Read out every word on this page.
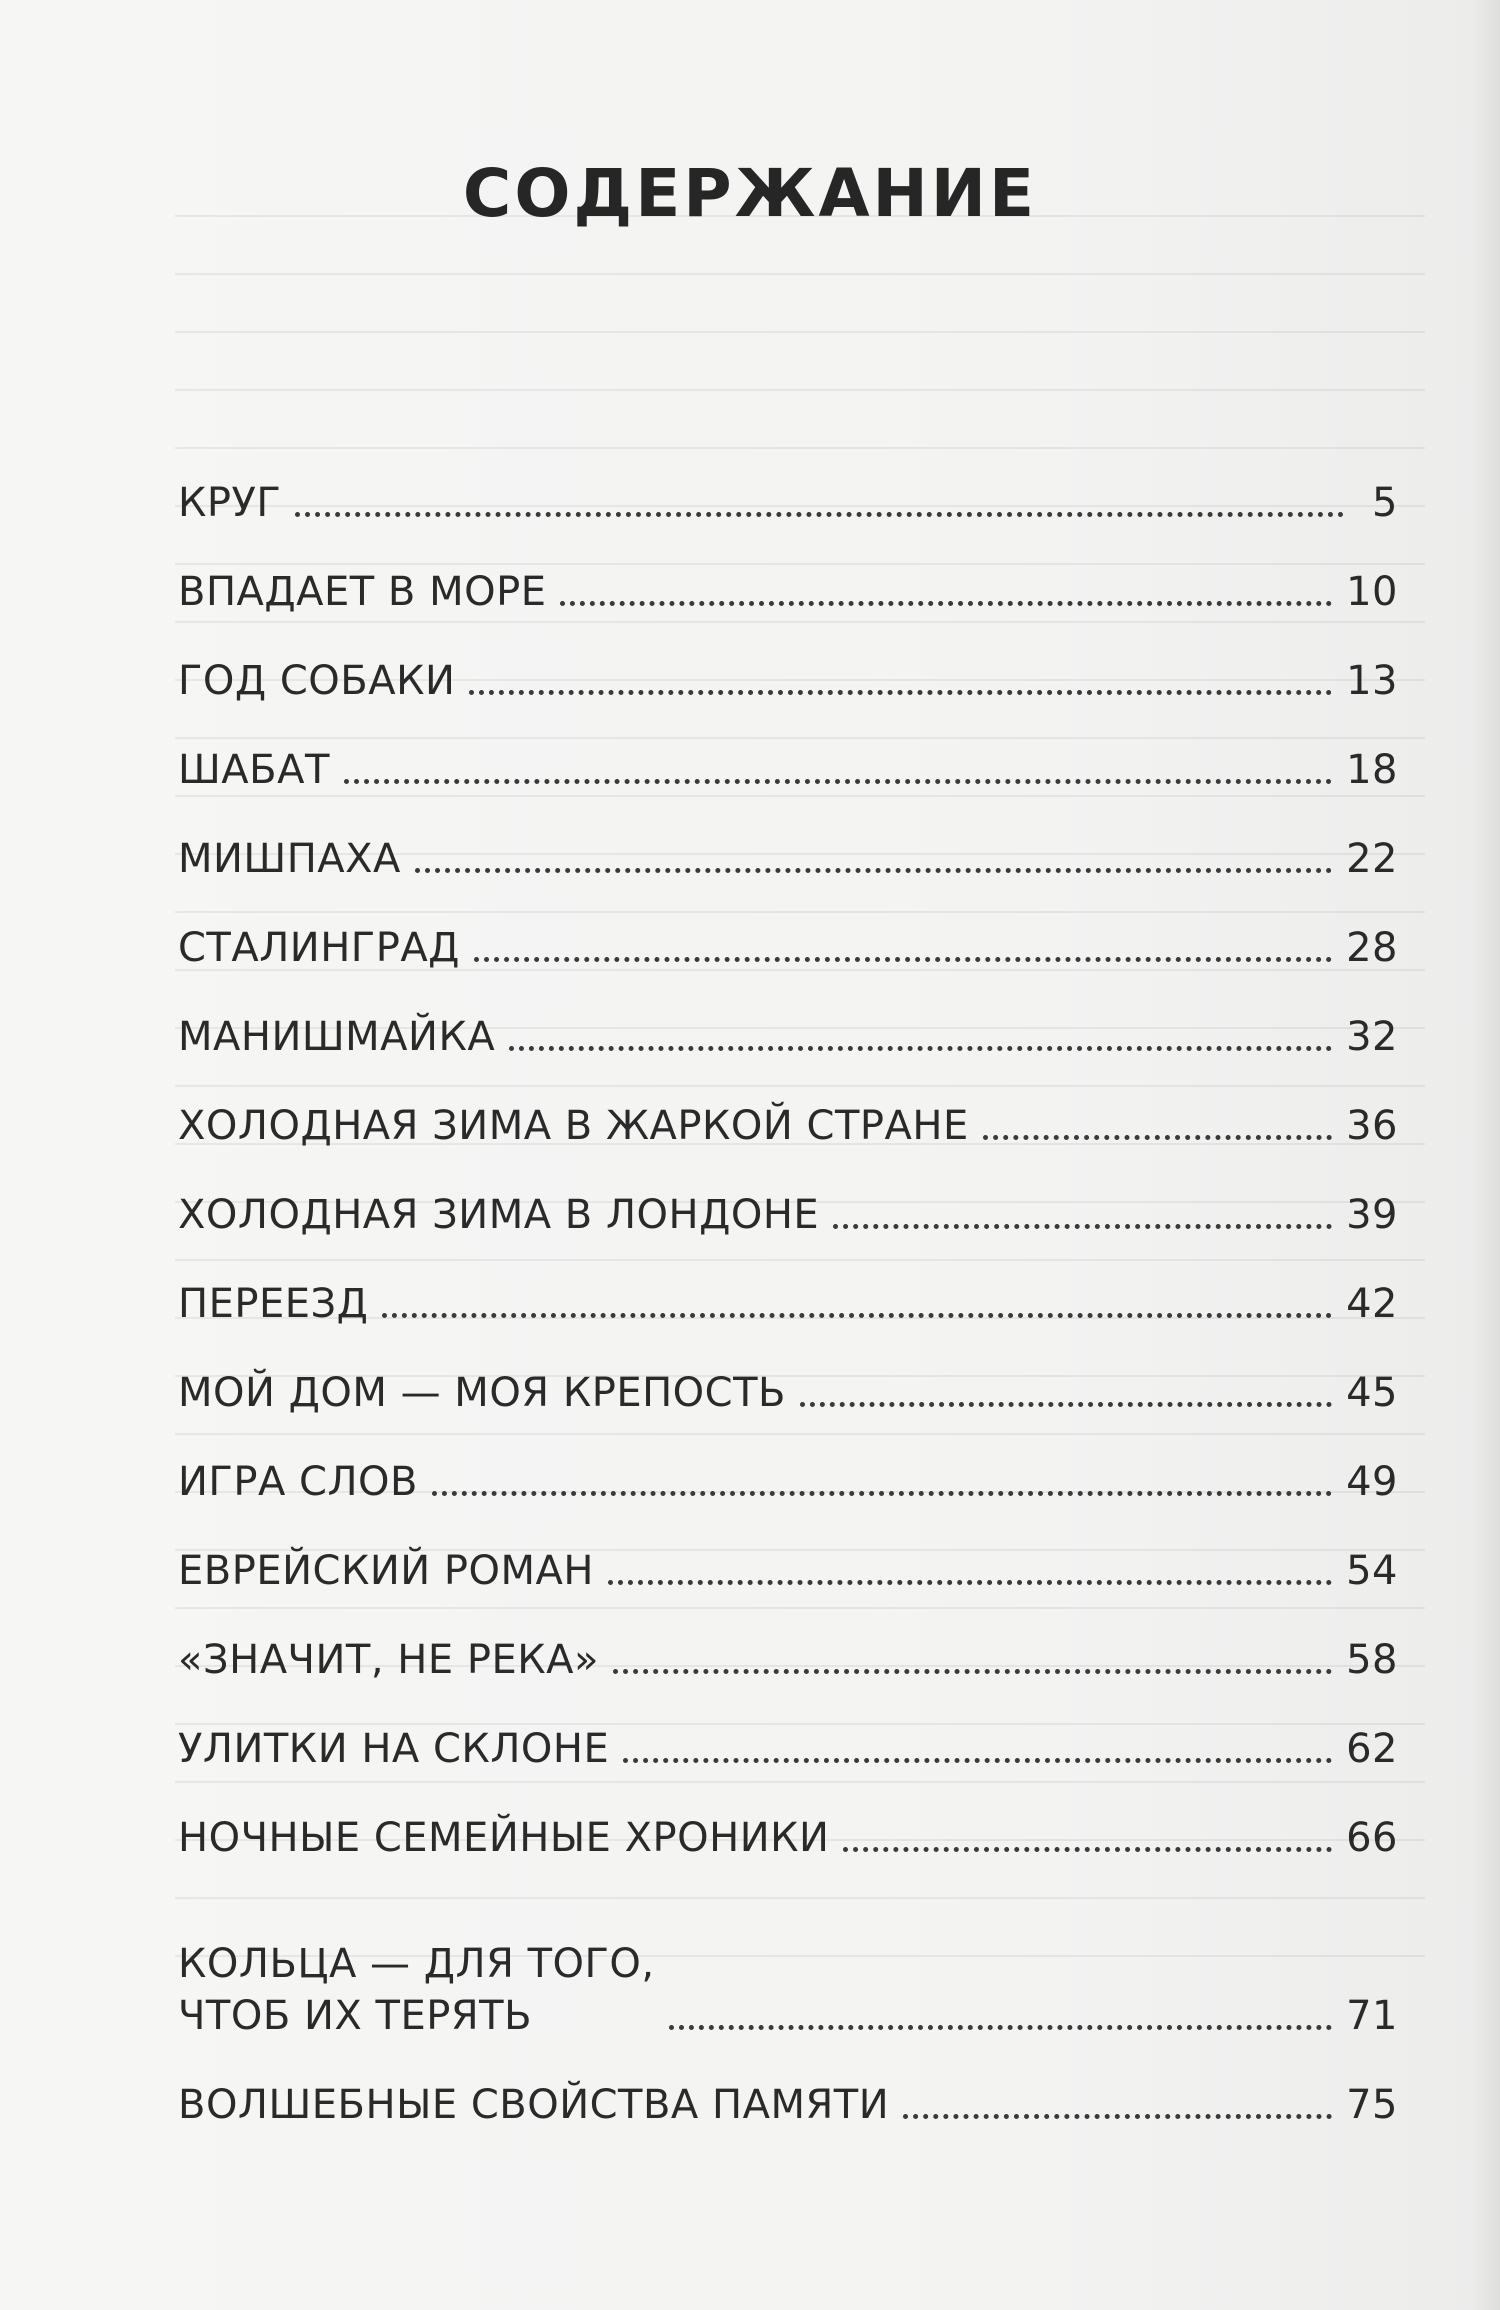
СОДЕРЖАНИЕ
КРУГ	5
ВПАДАЕТ В МОРЕ	10
ГОД СОБАКИ	13
ШАБАТ	18
МИШПАХА	22
СТАЛИНГРАД	28
МАНИШМАЙКА	32
ХОЛОДНАЯ ЗИМА В ЖАРКОЙ СТРАНЕ	36
ХОЛОДНАЯ ЗИМА В ЛОНДОНЕ	39
ПЕРЕЕЗД	42
МОЙ ДОМ — МОЯ КРЕПОСТЬ	45
ИГРА СЛОВ	49
ЕВРЕЙСКИЙ РОМАН	54
«ЗНАЧИТ, НЕ РЕКА»	58
УЛИТКИ НА СКЛОНЕ	62
НОЧНЫЕ СЕМЕЙНЫЕ ХРОНИКИ	66
КОЛЬЦА — ДЛЯ ТОГО,
ЧТОБ ИХ ТЕРЯТЬ	71
ВОЛШЕБНЫЕ СВОЙСТВА ПАМЯТИ	75
